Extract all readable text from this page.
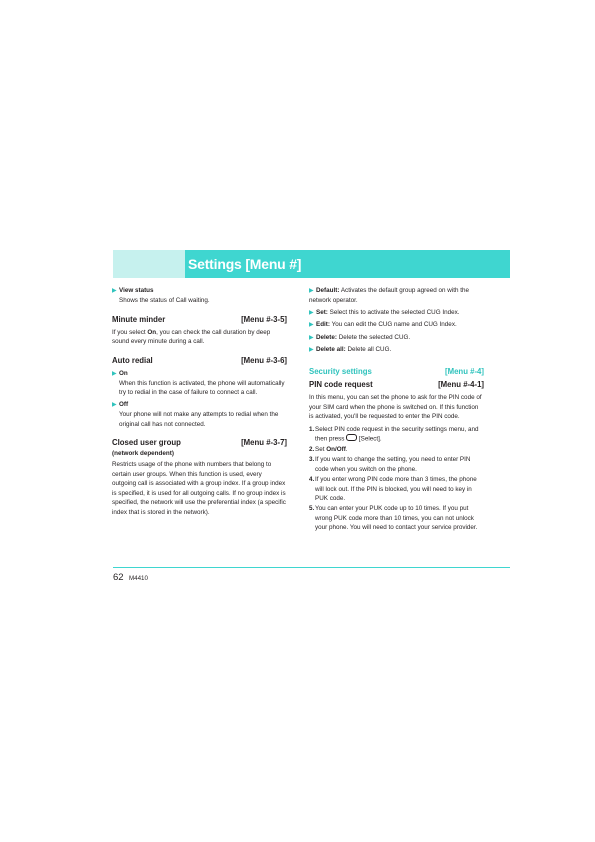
Settings [Menu #]
▶ View status
Shows the status of Call waiting.
Minute minder	[Menu #-3-5]

If you select On, you can check the call duration by deep sound every minute during a call.

Auto redial	[Menu #-3-6]
▶ On
When this function is activated, the phone will automatically try to redial in the case of failure to connect a call.
▶ Off
Your phone will not make any attempts to redial when the original call has not connected.
Closed user group	[Menu #-3-7]
(network dependent)

Restricts usage of the phone with numbers that belong to certain user groups. When this function is used, every outgoing call is associated with a group index. If a group index is specified, it is used for all outgoing calls. If no group index is specified, the network will use the preferential index (a specific index that is stored in the network).

▶ Default: Activates the default group agreed on with the network operator.
▶ Set: Select this to activate the selected CUG Index.
▶ Edit: You can edit the CUG name and CUG Index.
▶ Delete: Delete the selected CUG.
▶ Delete all: Delete all CUG.
Security settings	[Menu #-4]
PIN code request	[Menu #-4-1]

In this menu, you can set the phone to ask for the PIN code of your SIM card when the phone is switched on. If this function is activated, you'll be requested to enter the PIN code.

1. Select PIN code request in the security settings menu, and then press  [Select].
2. Set On/Off.
3. If you want to change the setting, you need to enter PIN code when you switch on the phone.
4. If you enter wrong PIN code more than 3 times, the phone will lock out. If the PIN is blocked, you will need to key in PUK code.
5. You can enter your PUK code up to 10 times. If you put wrong PUK code more than 10 times, you can not unlock your phone. You will need to contact your service provider.
62 M4410
